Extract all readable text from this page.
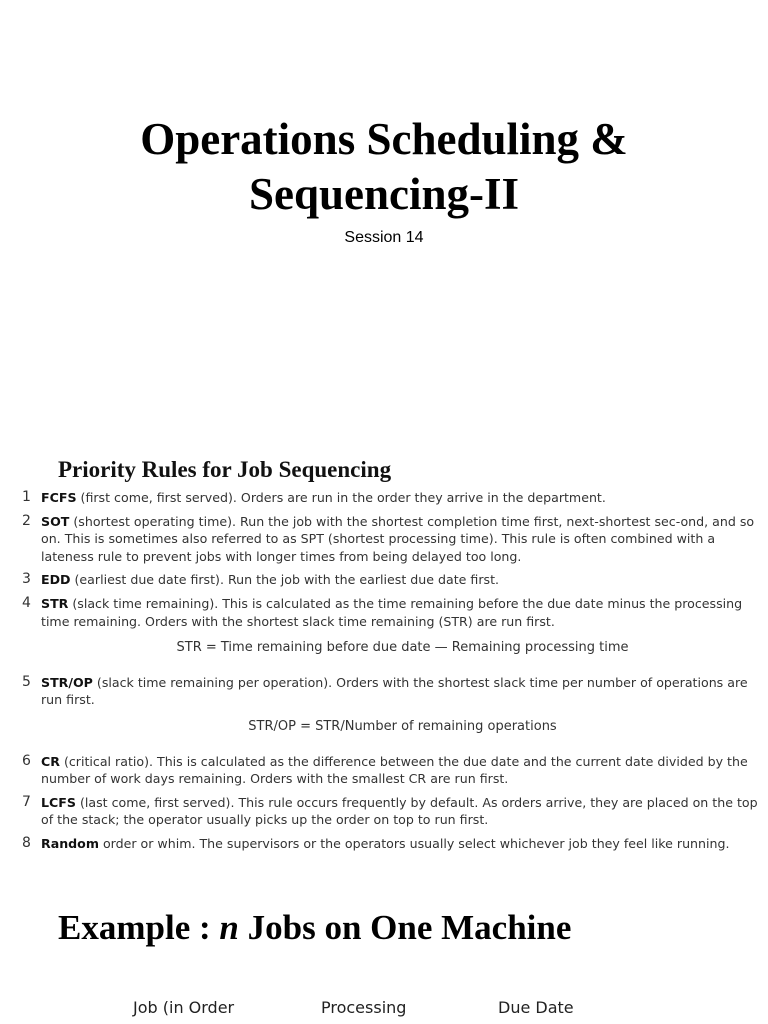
Operations Scheduling &
Sequencing-II

Session 14

Priority Rules for Job Sequencing
1 FCFS (first come, first served). Orders are run in the order they arrive in the department.
2 SOT (shortest operating time). Run the job with the shortest completion time first, next-shortest sec-ond, and so on. This is sometimes also referred to as SPT (shortest processing time). This rule is often combined with a lateness rule to prevent jobs with longer times from being delayed too long.
3 EDD (earliest due date first). Run the job with the earliest due date first.
4 STR (slack time remaining). This is calculated as the time remaining before the due date minus the processing time remaining. Orders with the shortest slack time remaining (STR) are run first.
STR = Time remaining before due date — Remaining processing time
5 STR/OP (slack time remaining per operation). Orders with the shortest slack time per number of operations are run first.
STR/OP = STR/Number of remaining operations
6 CR (critical ratio). This is calculated as the difference between the due date and the current date divided by the number of work days remaining. Orders with the smallest CR are run first.
7 LCFS (last come, first served). This rule occurs frequently by default. As orders arrive, they are placed on the top of the stack; the operator usually picks up the order on top to run first.
8 Random order or whim. The supervisors or the operators usually select whichever job they feel like running.
Example : n Jobs on One Machine
Job (in Order	Processing	Due Date
